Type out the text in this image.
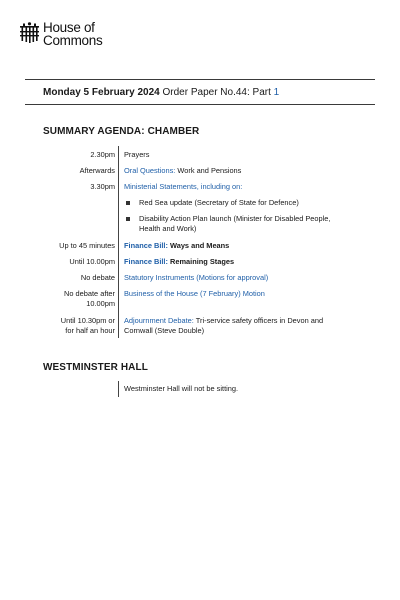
House of
Commons
Monday 5 February 2024 Order Paper No.44: Part 1
SUMMARY AGENDA: CHAMBER
2.30pm Prayers
Afterwards Oral Questions: Work and Pensions
3.30pm Ministerial Statements, including on:
Red Sea update (Secretary of State for Defence)
Disability Action Plan launch (Minister for Disabled People, Health and Work)
Up to 45 minutes Finance Bill: Ways and Means
Until 10.00pm Finance Bill: Remaining Stages
No debate Statutory Instruments (Motions for approval)
No debate after
10.00pm
Business of the House (7 February) Motion
Until 10.30pm or
for half an hour
Adjournment Debate: Tri-service safety officers in Devon and Cornwall (Steve Double)
WESTMINSTER HALL
Westminster Hall will not be sitting.
